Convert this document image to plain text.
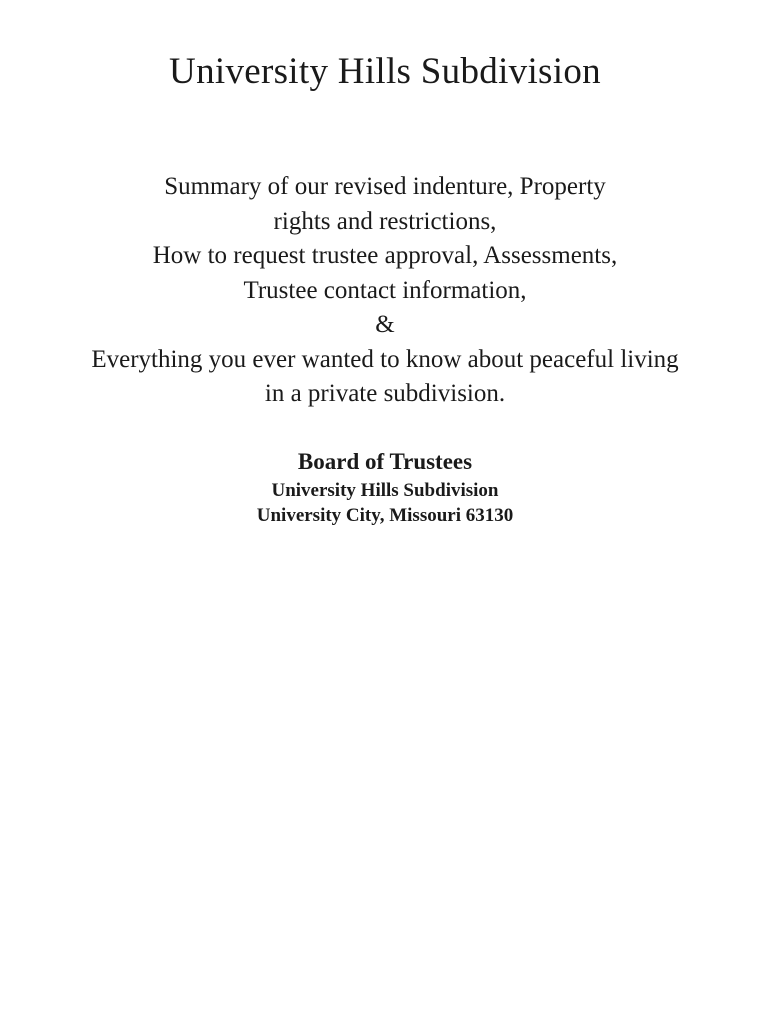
University Hills Subdivision
Summary of our revised indenture, Property
rights and restrictions,
How to request trustee approval, Assessments,
Trustee contact information,
&
Everything you ever wanted to know about peaceful living
in a private subdivision.
Board of Trustees
University Hills Subdivision
University City, Missouri 63130
